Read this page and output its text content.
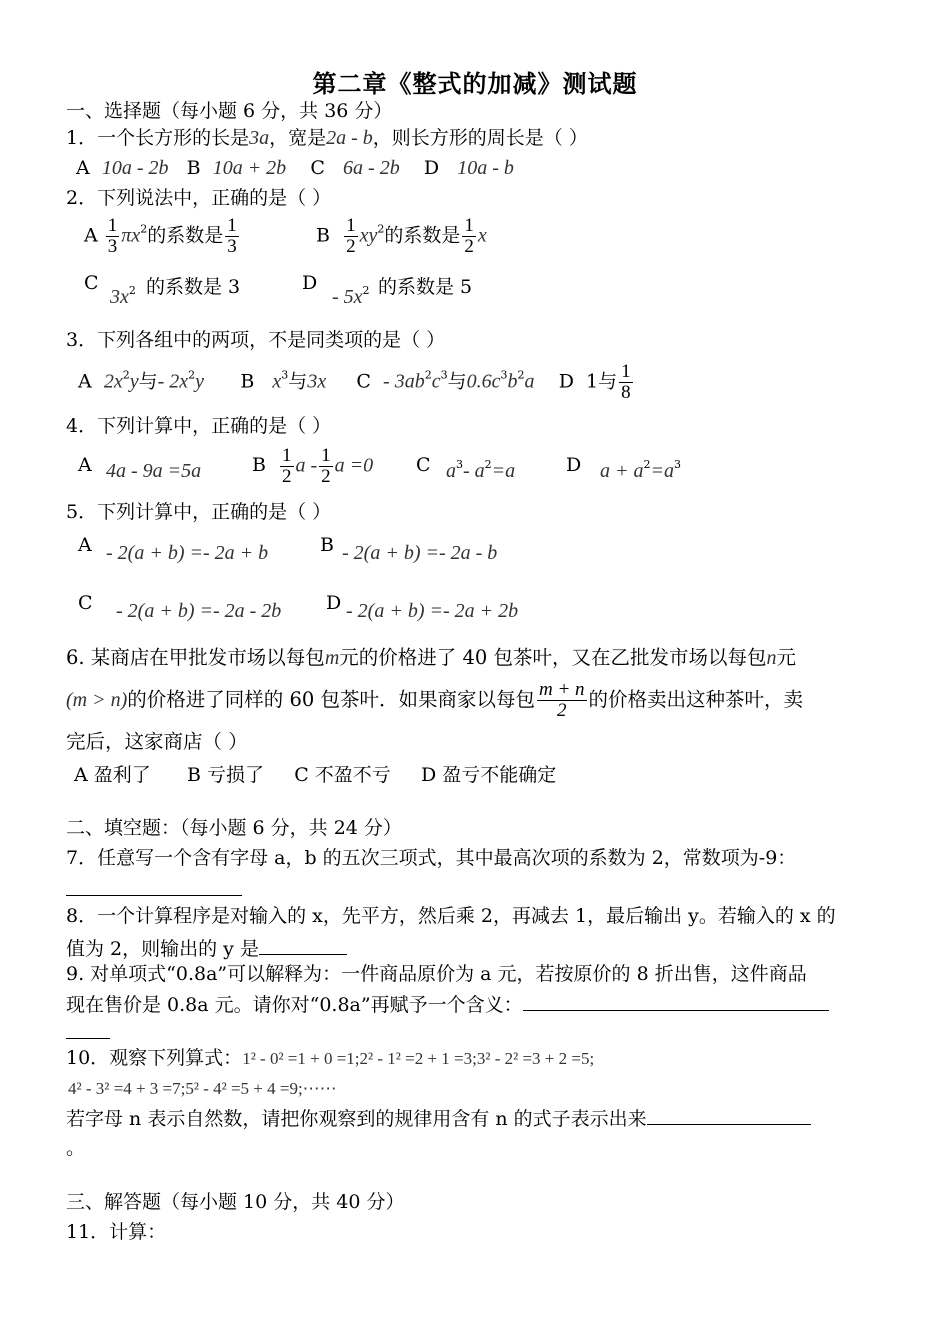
第二章《整式的加减》测试题
一、选择题（每小题 6 分，共 36 分）
1．一个长方形的长是3a，宽是2a - b，则长方形的周长是（ ）
A 10a - 2b B 10a + 2b C 6a - 2b D 10a - b
2．下列说法中，正确的是（ ）
A $\frac{1}{3} \pi x^2$的系数是 $\frac{1}{3}$	B $\frac{1}{2} xy^2$的系数是 $\frac{1}{2}$ x
C
$3x^2$ 的系数是 3	D
- $5x^2$ 的系数是 5
3．下列各组中的两项，不是同类项的是（ ）
A $2x^2y$与- $2x^2y$ B $x^3$与3x C - $3ab^2c^3$与$0.6c^3b^2a$ D 1与 $\frac{1}{8}$
4．下列计算中，正确的是（ ）
A 4a - 9a =5a	B $\frac{1}{2}$ a - $\frac{1}{2}$ a =0 C $a^3-$ $a^2=a$	D $a + a^2=a^3$
5．下列计算中，正确的是（ ）
A - 2(a + b) =- 2a + b	B - 2(a + b) =- 2a - b
C - 2(a + b) =- 2a - 2b D - 2(a + b) =- 2a + 2b
6. 某商店在甲批发市场以每包m元的价格进了 40 包茶叶，又在乙批发市场以每包n元
(m > n)的价格进了同样的 60 包茶叶．如果商家以每包 $\frac{m + n}{2}$ 的价格卖出这种茶叶，卖
完后，这家商店（ ）
A 盈利了 B 亏损了 C 不盈不亏 D 盈亏不能确定
二、填空题：（每小题 6 分，共 24 分）
7．任意写一个含有字母 a，b 的五次三项式，其中最高次项的系数为 2，常数项为-9：
8．一个计算程序是对输入的 x，先平方，然后乘 2，再减去 1，最后输出 y。若输入的 x 的
值为 2，则输出的 y 是
9. 对单项式“0.8a”可以解释为：一件商品原价为 a 元，若按原价的 8 折出售，这件商品
现在售价是 0.8a 元。请你对“0.8a”再赋予一个含义：
10．观察下列算式：1² - 0² =1 + 0 =1;2² - 1² =2 + 1 =3;3² - 2² =3 + 2 =5;
4² - 3² =4 + 3 =7;5² - 4² =5 + 4 =9;⋯⋯
若字母 n 表示自然数，请把你观察到的规律用含有 n 的式子表示出来
。
三、解答题（每小题 10 分，共 40 分）
11．计算：
